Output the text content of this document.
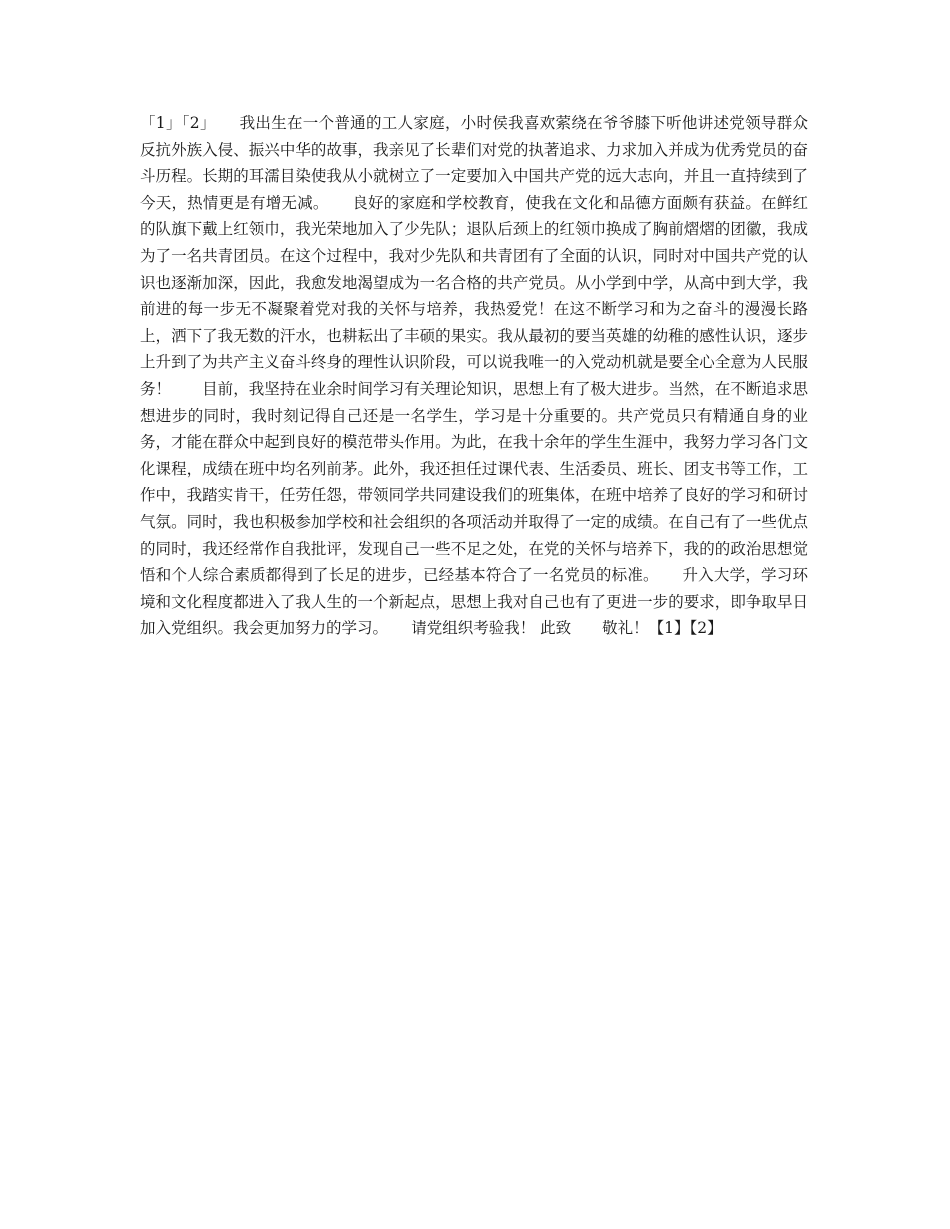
「1」「2」　　我出生在一个普通的工人家庭，小时侯我喜欢萦绕在爷爷膝下听他讲述党领导群众反抗外族入侵、振兴中华的故事，我亲见了长辈们对党的执著追求、力求加入并成为优秀党员的奋斗历程。长期的耳濡目染使我从小就树立了一定要加入中国共产党的远大志向，并且一直持续到了今天，热情更是有增无减。　　良好的家庭和学校教育，使我在文化和品德方面颇有获益。在鲜红的队旗下戴上红领巾，我光荣地加入了少先队；退队后颈上的红领巾换成了胸前熠熠的团徽，我成为了一名共青团员。在这个过程中，我对少先队和共青团有了全面的认识，同时对中国共产党的认识也逐渐加深，因此，我愈发地渴望成为一名合格的共产党员。从小学到中学，从高中到大学，我前进的每一步无不凝聚着党对我的关怀与培养，我热爱党！在这不断学习和为之奋斗的漫漫长路上，洒下了我无数的汗水，也耕耘出了丰硕的果实。我从最初的要当英雄的幼稚的感性认识，逐步上升到了为共产主义奋斗终身的理性认识阶段，可以说我唯一的入党动机就是要全心全意为人民服务！　　目前，我坚持在业余时间学习有关理论知识，思想上有了极大进步。当然，在不断追求思想进步的同时，我时刻记得自己还是一名学生，学习是十分重要的。共产党员只有精通自身的业务，才能在群众中起到良好的模范带头作用。为此，在我十余年的学生生涯中，我努力学习各门文化课程，成绩在班中均名列前茅。此外，我还担任过课代表、生活委员、班长、团支书等工作，工作中，我踏实肯干，任劳任怨，带领同学共同建设我们的班集体，在班中培养了良好的学习和研讨气氛。同时，我也积极参加学校和社会组织的各项活动并取得了一定的成绩。在自己有了一些优点的同时，我还经常作自我批评，发现自己一些不足之处，在党的关怀与培养下，我的的政治思想觉悟和个人综合素质都得到了长足的进步，已经基本符合了一名党员的标准。　　升入大学，学习环境和文化程度都进入了我人生的一个新起点，思想上我对自己也有了更进一步的要求，即争取早日加入党组织。我会更加努力的学习。　　请党组织考验我！ 此致　　敬礼！【1】【2】
